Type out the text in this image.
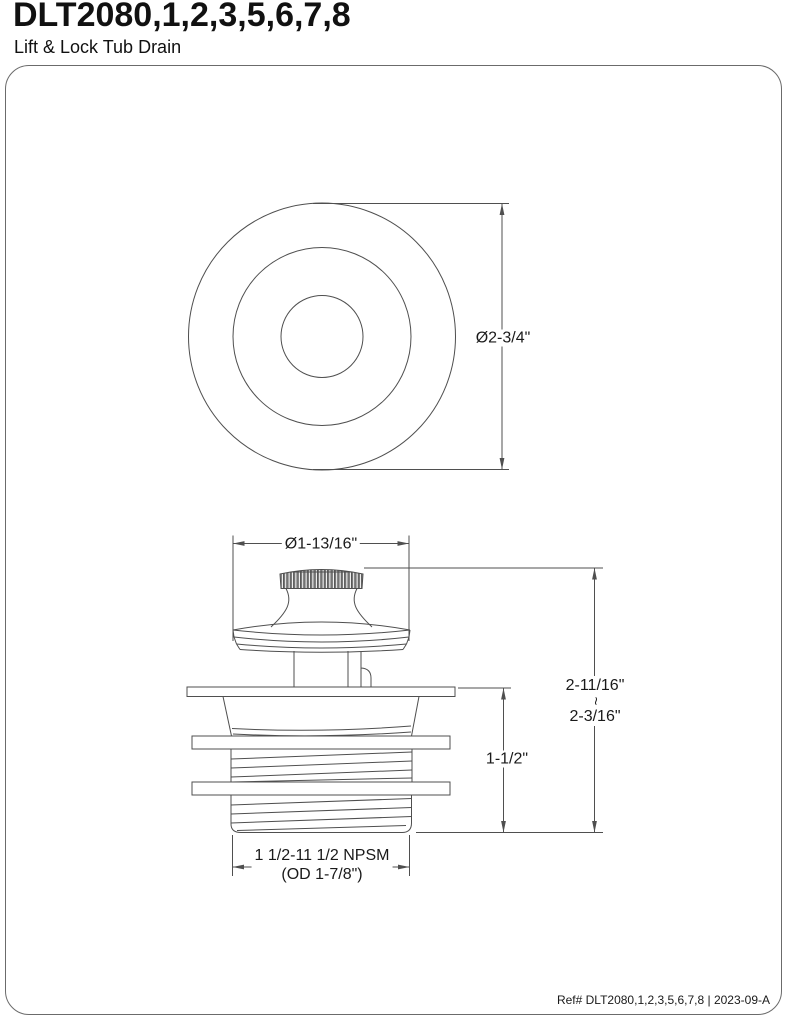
DLT2080,1,2,3,5,6,7,8
Lift & Lock Tub Drain
Ø2-3/4"
Ø1-13/16"
2-11/16"
~
2-3/16"
1-1/2"
1 1/2-11 1/2 NPSM
(OD 1-7/8")
Ref# DLT2080,1,2,3,5,6,7,8 | 2023-09-A
